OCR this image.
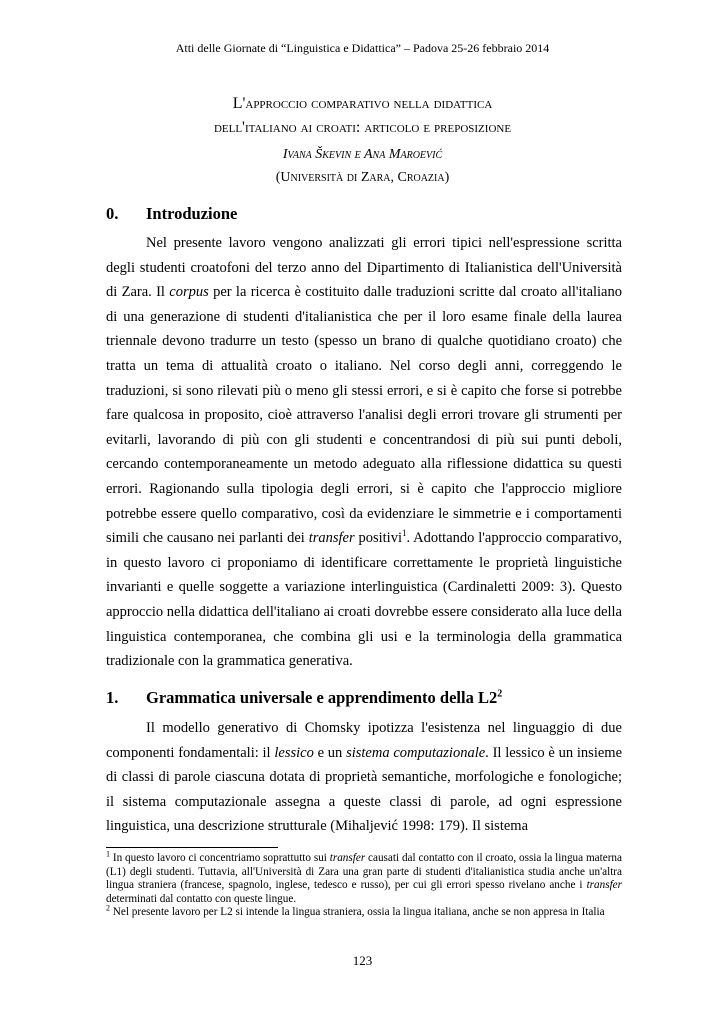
Atti delle Giornate di “Linguistica e Didattica” – Padova 25-26 febbraio 2014
L'approccio comparativo nella didattica
dell'italiano ai croati: articolo e preposizione
Ivana Škevin e Ana Maroević
(Università di Zara, Croazia)
0. Introduzione

Nel presente lavoro vengono analizzati gli errori tipici nell'espressione scritta degli studenti croatofoni del terzo anno del Dipartimento di Italianistica dell'Università di Zara. Il corpus per la ricerca è costituito dalle traduzioni scritte dal croato all'italiano di una generazione di studenti d'italianistica che per il loro esame finale della laurea triennale devono tradurre un testo (spesso un brano di qualche quotidiano croato) che tratta un tema di attualità croato o italiano. Nel corso degli anni, correggendo le traduzioni, si sono rilevati più o meno gli stessi errori, e si è capito che forse si potrebbe fare qualcosa in proposito, cioè attraverso l'analisi degli errori trovare gli strumenti per evitarli, lavorando di più con gli studenti e concentrandosi di più sui punti deboli, cercando contemporaneamente un metodo adeguato alla riflessione didattica su questi errori. Ragionando sulla tipologia degli errori, si è capito che l'approccio migliore potrebbe essere quello comparativo, così da evidenziare le simmetrie e i comportamenti simili che causano nei parlanti dei transfer positivi$^1$. Adottando l'approccio comparativo, in questo lavoro ci proponiamo di identificare correttamente le proprietà linguistiche invarianti e quelle soggette a variazione interlinguistica (Cardinaletti 2009: 3). Questo approccio nella didattica dell'italiano ai croati dovrebbe essere considerato alla luce della linguistica contemporanea, che combina gli usi e la terminologia della grammatica tradizionale con la grammatica generativa.

1. Grammatica universale e apprendimento della $L2^2$

Il modello generativo di Chomsky ipotizza l'esistenza nel linguaggio di due componenti fondamentali: il lessico e un sistema computazionale. Il lessico è un insieme di classi di parole ciascuna dotata di proprietà semantiche, morfologiche e fonologiche; il sistema computazionale assegna a queste classi di parole, ad ogni espressione linguistica, una descrizione strutturale (Mihaljević 1998: 179). Il sistema

$^1$ In questo lavoro ci concentriamo soprattutto sui transfer causati dal contatto con il croato, ossia la lingua materna (L1) degli studenti. Tuttavia, all'Università di Zara una gran parte di studenti d'italianistica studia anche un'altra lingua straniera (francese, spagnolo, inglese, tedesco e russo), per cui gli errori spesso rivelano anche i transfer determinati dal contatto con queste lingue.

$^2$ Nel presente lavoro per L2 si intende la lingua straniera, ossia la lingua italiana, anche se non appresa in Italia

123
